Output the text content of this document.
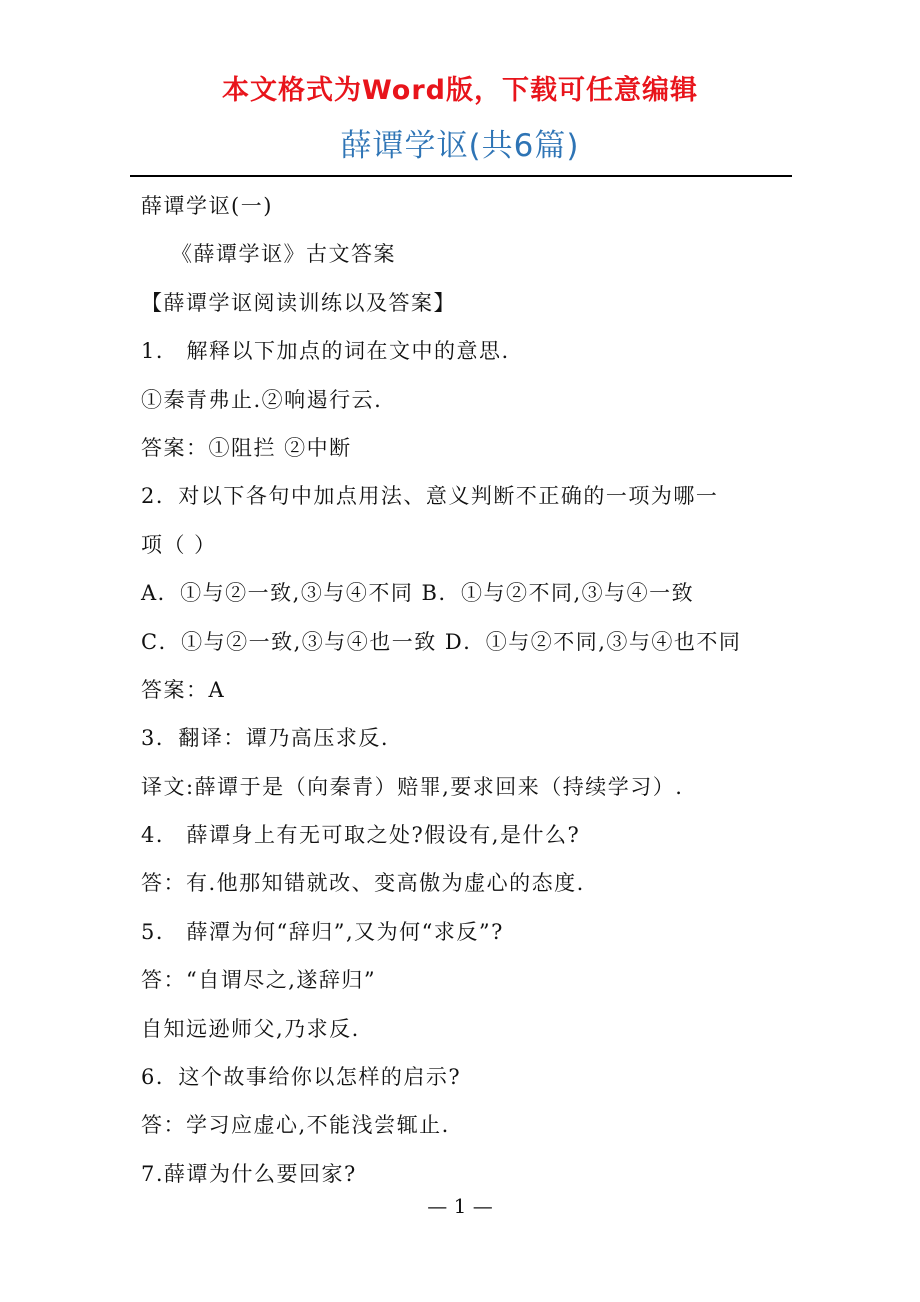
本文格式为Word版，下载可任意编辑
薛谭学讴(共6篇)
薛谭学讴(一)
《薛谭学讴》古文答案
【薛谭学讴阅读训练以及答案】
1． 解释以下加点的词在文中的意思.
①秦青弗止.②响遏行云.
答案：①阻拦 ②中断
2．对以下各句中加点用法、意义判断不正确的一项为哪一
项（ ）
A．①与②一致,③与④不同 B．①与②不同,③与④一致
C．①与②一致,③与④也一致 D．①与②不同,③与④也不同
答案：A
3．翻译：谭乃高压求反.
译文:薛谭于是（向秦青）赔罪,要求回来（持续学习）.
4． 薛谭身上有无可取之处?假设有,是什么?
答：有.他那知错就改、变高傲为虚心的态度.
5． 薛潭为何“辞归”,又为何“求反”?
答：“自谓尽之,遂辞归”
自知远逊师父,乃求反.
6．这个故事给你以怎样的启示?
答：学习应虚心,不能浅尝辄止.
7.薛谭为什么要回家?
— 1 —
